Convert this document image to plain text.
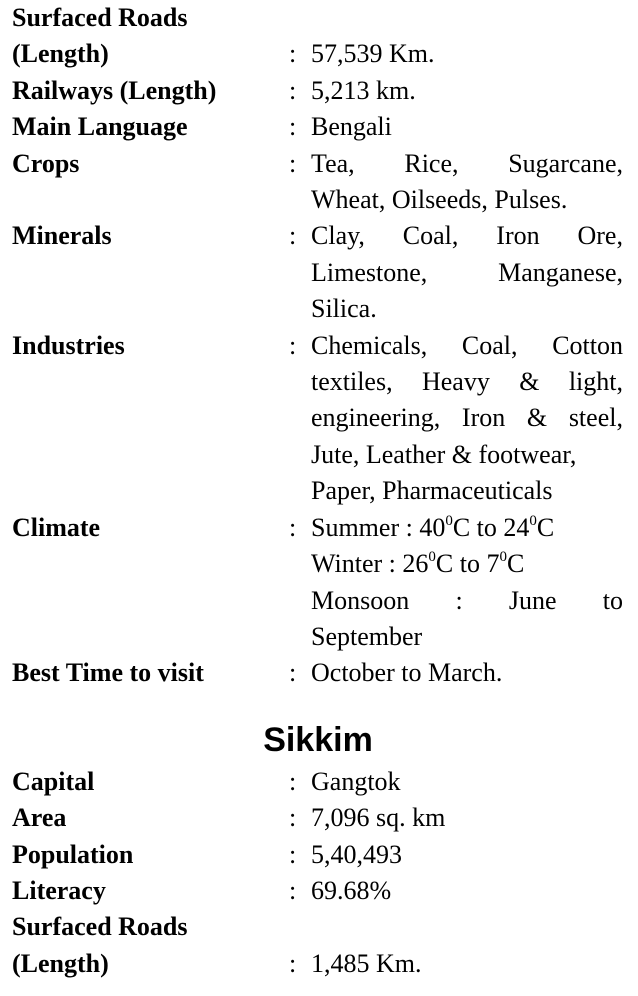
Surfaced Roads
(Length)	: 57,539 Km.
Railways (Length)	: 5,213 km.
Main Language	: Bengali
Crops	: Tea, Rice, Sugarcane,
Wheat, Oilseeds, Pulses.
Minerals	: Clay, Coal, Iron Ore,
Limestone,	Manganese,
Silica.
Industries	: Chemicals, Coal, Cotton
textiles, Heavy & light,
engineering, Iron & steel,
Jute, Leather & footwear,
Paper, Pharmaceuticals
Climate	: Summer : $40^0C$ to $24^0C$
Winter : $26^0C$ to $7^0C$
Monsoon : June to
September
Best Time to visit	: October to March.
Sikkim
Capital	: Gangtok
Area	: 7,096 sq. km
Population	: 5,40,493
Literacy	: 69.68%
Surfaced Roads
(Length)	: 1,485 Km.
